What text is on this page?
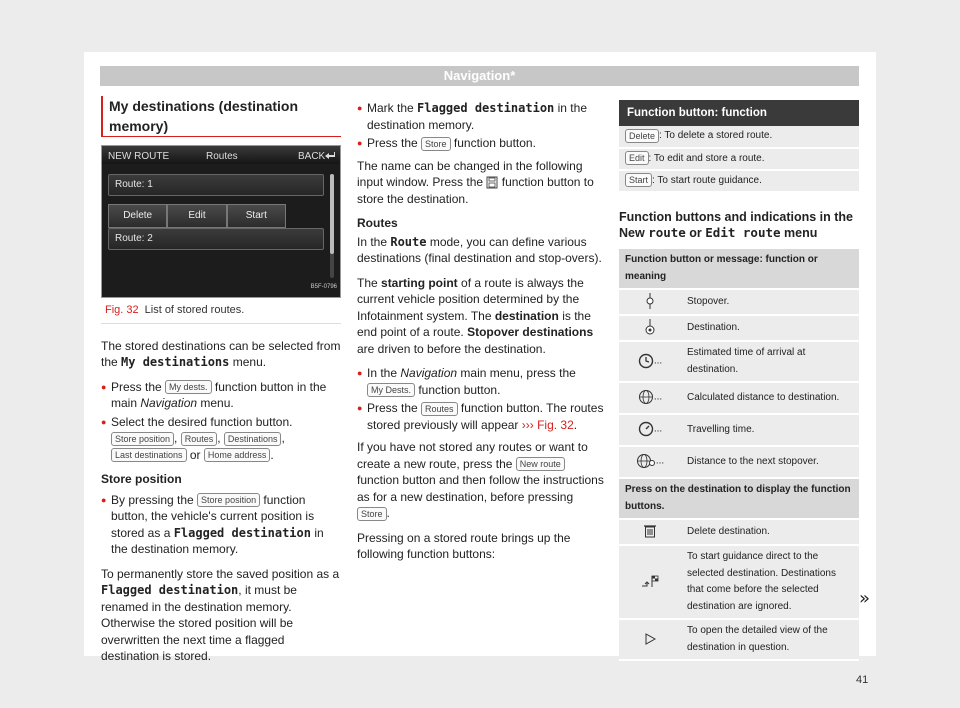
Navigation*
My destinations (destination memory)
NEW ROUTE	Routes	BACK
Route: 1
Delete	Edit	Start
Route: 2
B5F-0796
Fig. 32 List of stored routes.

The stored destinations can be selected from the My destinations menu.

● Press the My dests. function button in the main Navigation menu.
● Select the desired function button.
Store position , Routes , Destinations ,
Last destinations or Home address .
Store position
● By pressing the Store position function button, the vehicle's current position is stored as a Flagged destination in the destination memory.

To permanently store the saved position as a Flagged destination, it must be renamed in the destination memory. Otherwise the stored position will be overwritten the next time a flagged destination is stored.

● Mark the Flagged destination in the destination memory.
● Press the Store function button.

The name can be changed in the following input window. Press the  function button to store the destination.

Routes

In the Route mode, you can define various destinations (final destination and stop-overs).

The starting point of a route is always the current vehicle position determined by the Infotainment system. The destination is the end point of a route. Stopover destinations are driven to before the destination.

● In the Navigation main menu, press the My Dests. function button.
● Press the Routes function button. The routes stored previously will appear ››› Fig. 32.

If you have not stored any routes or want to create a new route, press the New route function button and then follow the instructions as for a new destination, before pressing Store .

Pressing on a stored route brings up the following function buttons:

Function button: function
Delete : To delete a stored route.
Edit : To edit and store a route.
Start : To start route guidance.
Function buttons and indications in the New route or Edit route menu
Function button or message: function or meaning	
	Stopover.
	Destination.
...	Estimated time of arrival at destination.
...	Calculated distance to destination.
...	Travelling time.
...	Distance to the next stopover.
Press on the destination to display the function buttons.	
	Delete destination.
	To start guidance direct to the selected destination. Destinations that come before the selected destination are ignored.
	To open the detailed view of the destination in question.
»
41
